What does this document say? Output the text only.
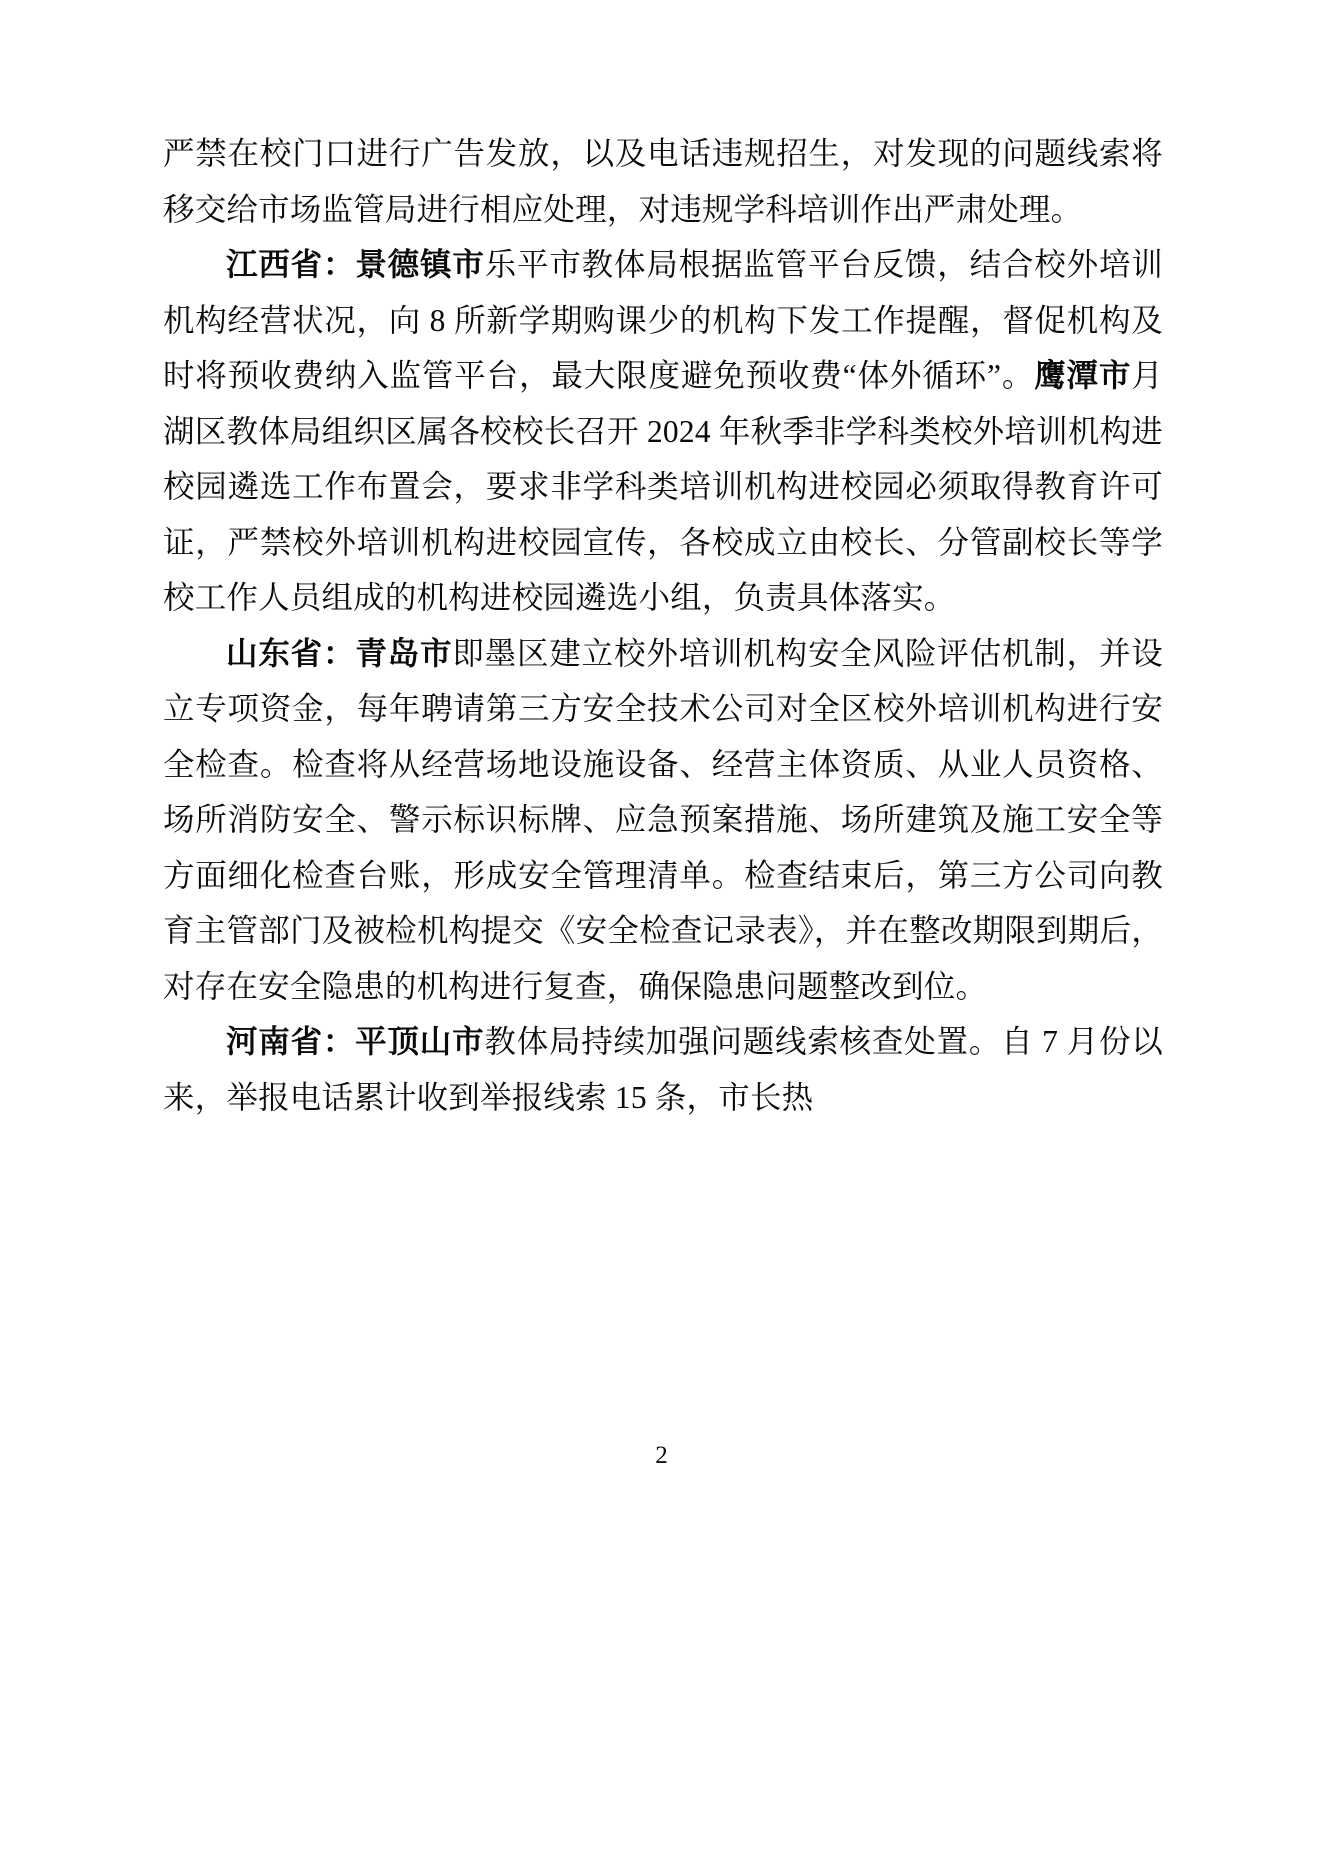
严禁在校门口进行广告发放，以及电话违规招生，对发现的问题线索将移交给市场监管局进行相应处理，对违规学科培训作出严肃处理。

江西省：景德镇市乐平市教体局根据监管平台反馈，结合校外培训机构经营状况，向 8 所新学期购课少的机构下发工作提醒，督促机构及时将预收费纳入监管平台，最大限度避免预收费“体外循环”。鹰潭市月湖区教体局组织区属各校校长召开 2024 年秋季非学科类校外培训机构进校园遴选工作布置会，要求非学科类培训机构进校园必须取得教育许可证，严禁校外培训机构进校园宣传，各校成立由校长、分管副校长等学校工作人员组成的机构进校园遴选小组，负责具体落实。

山东省：青岛市即墨区建立校外培训机构安全风险评估机制，并设立专项资金，每年聘请第三方安全技术公司对全区校外培训机构进行安全检查。检查将从经营场地设施设备、经营主体资质、从业人员资格、场所消防安全、警示标识标牌、应急预案措施、场所建筑及施工安全等方面细化检查台账，形成安全管理清单。检查结束后，第三方公司向教育主管部门及被检机构提交《安全检查记录表》，并在整改期限到期后，对存在安全隐患的机构进行复查，确保隐患问题整改到位。

河南省：平顶山市教体局持续加强问题线索核查处置。自 7 月份以来，举报电话累计收到举报线索 15 条，市长热

2
